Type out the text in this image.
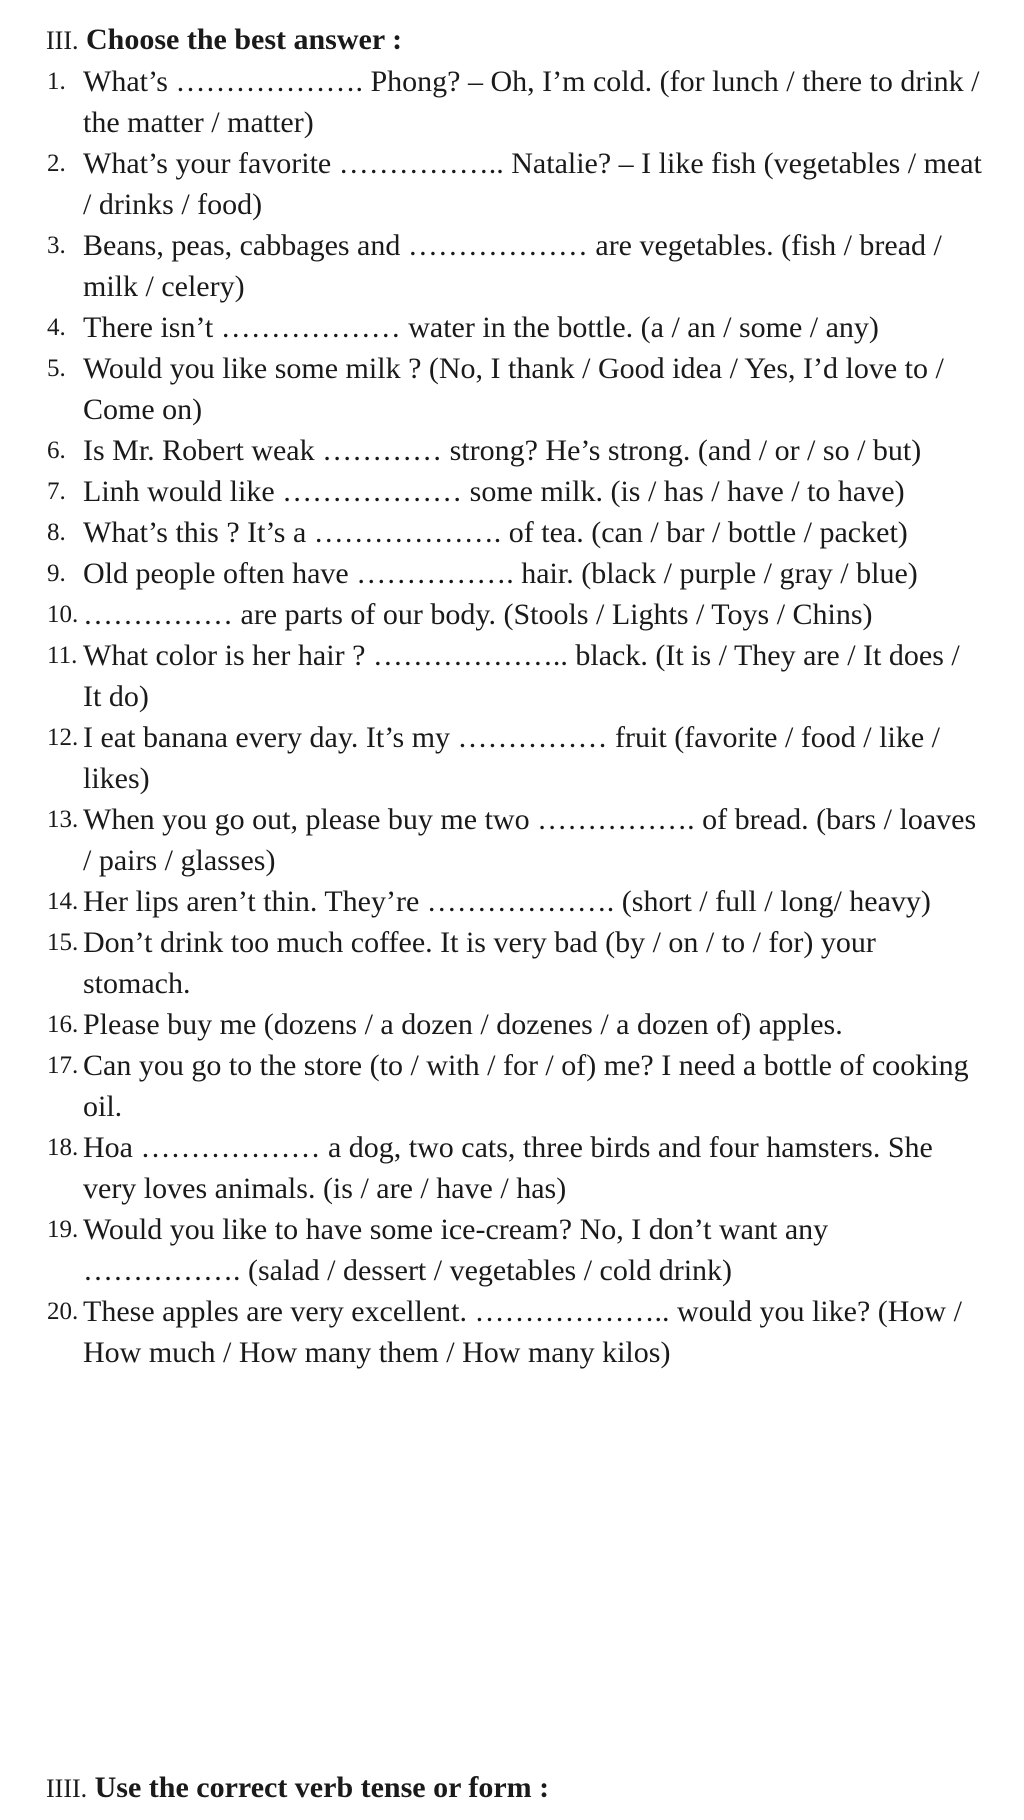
III. Choose the best answer :
1. What’s ………………. Phong? – Oh, I’m cold. (for lunch / there to drink / the matter / matter)
2. What’s your favorite …………….. Natalie? – I like fish (vegetables / meat / drinks / food)
3. Beans, peas, cabbages and ……………… are vegetables. (fish / bread / milk / celery)
4. There isn’t ……………… water in the bottle. (a / an / some / any)
5. Would you like some milk ? (No, I thank / Good idea / Yes, I’d love to / Come on)
6. Is Mr. Robert weak ………… strong? He’s strong. (and / or / so / but)
7. Linh would like ……………… some milk. (is / has / have / to have)
8. What’s this ? It’s a ………………. of tea. (can / bar / bottle / packet)
9. Old people often have ……………. hair. (black / purple / gray / blue)
10. …………… are parts of our body. (Stools / Lights / Toys / Chins)
11. What color is her hair ? ……………….. black. (It is / They are / It does / It do)
12. I eat banana every day. It’s my …………… fruit (favorite / food / like / likes)
13. When you go out, please buy me two ……………. of bread. (bars / loaves / pairs / glasses)
14. Her lips aren’t thin. They’re ………………. (short / full / long/ heavy)
15. Don’t drink too much coffee. It is very bad (by / on / to / for) your stomach.
16. Please buy me (dozens / a dozen / dozenes / a dozen of) apples.
17. Can you go to the store (to / with / for / of) me? I need a bottle of cooking oil.
18. Hoa ……………… a dog, two cats, three birds and four hamsters. She very loves animals. (is / are / have / has)
19. Would you like to have some ice-cream? No, I don’t want any ……………. (salad / dessert / vegetables / cold drink)
20. These apples are very excellent. ……………….. would you like? (How / How much / How many them / How many kilos)
IIII. Use the correct verb tense or form :
